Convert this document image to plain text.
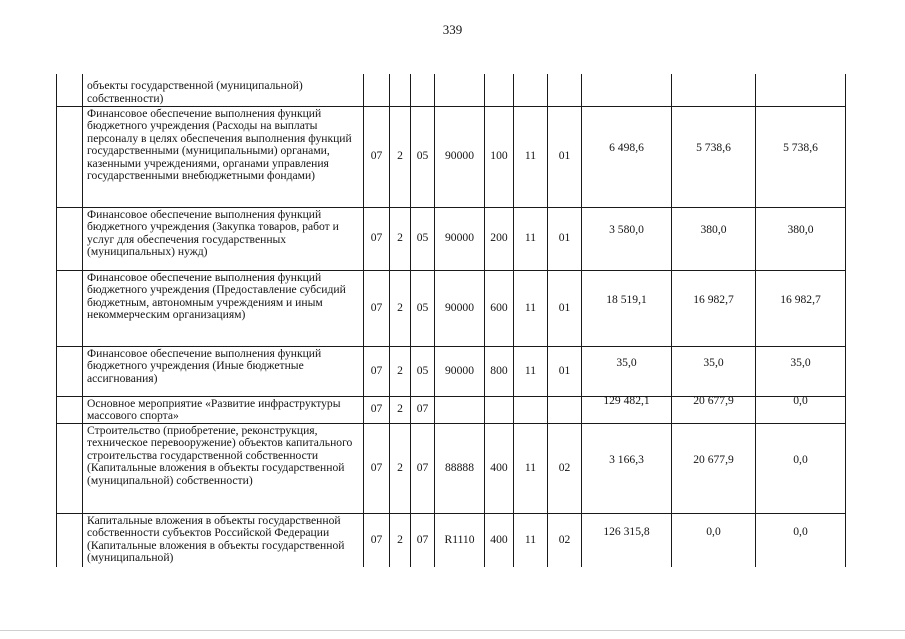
339
	объекты государственной (муниципальной) собственности)										
	Финансовое обеспечение выполнения функций бюджетного учреждения (Расходы на выплаты персоналу в целях обеспечения выполнения функций государственными (муниципальными) органами, казенными учреждениями, органами управления государственными внебюджетными фондами)	07	2	05	90000	100	11	01	6 498,6	5 738,6	5 738,6
	Финансовое обеспечение выполнения функций бюджетного учреждения (Закупка товаров, работ и услуг для обеспечения государственных (муниципальных) нужд)	07	2	05	90000	200	11	01	3 580,0	380,0	380,0
	Финансовое обеспечение выполнения функций бюджетного учреждения (Предоставление субсидий бюджетным, автономным учреждениям и иным некоммерческим организациям)	07	2	05	90000	600	11	01	18 519,1	16 982,7	16 982,7
	Финансовое обеспечение выполнения функций бюджетного учреждения (Иные бюджетные ассигнования)	07	2	05	90000	800	11	01	35,0	35,0	35,0
	Основное мероприятие «Развитие инфраструктуры массового спорта»	07	2	07					129 482,1	20 677,9	0,0
	Строительство (приобретение, реконструкция, техническое перевооружение) объектов капитального строительства государственной собственности (Капитальные вложения в объекты государственной (муниципальной) собственности)	07	2	07	88888	400	11	02	3 166,3	20 677,9	0,0
	Капитальные вложения в объекты государственной собственности субъектов Российской Федерации (Капитальные вложения в объекты государственной (муниципальной)	07	2	07	R1110	400	11	02	126 315,8	0,0	0,0
